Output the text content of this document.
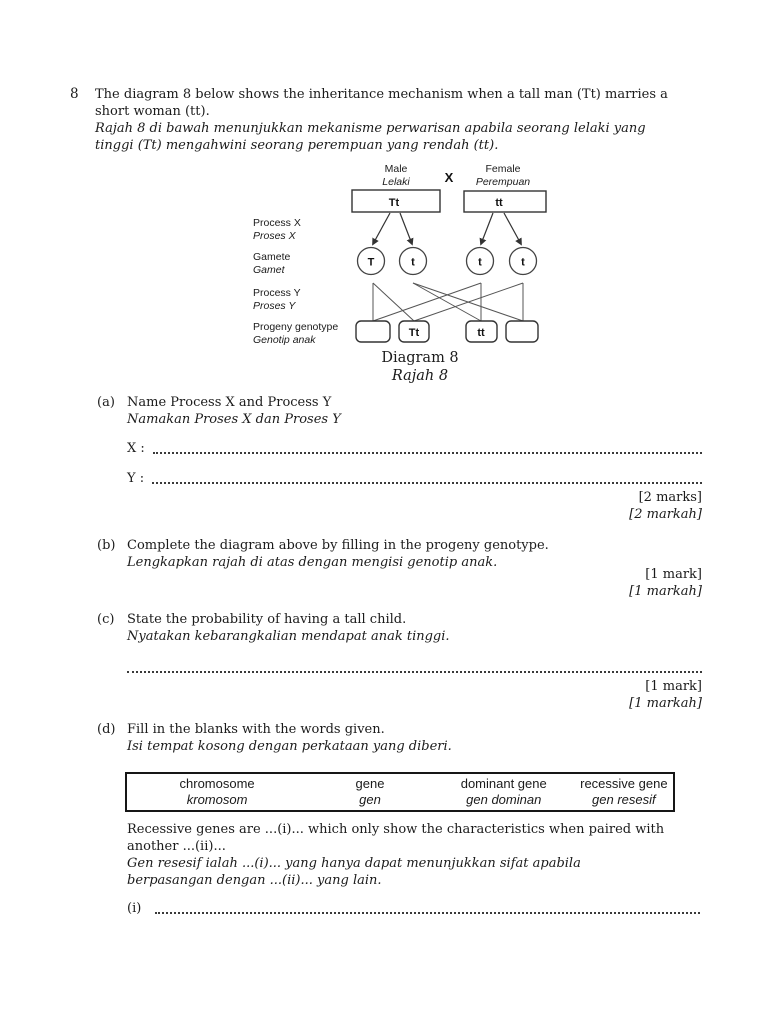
8 The diagram 8 below shows the inheritance mechanism when a tall man (Tt) marries a
short woman (tt).
Rajah 8 di bawah menunjukkan mekanisme perwarisan apabila seorang lelaki yang
tinggi (Tt) mengahwini seorang perempuan yang rendah (tt).
Male
Lelaki	X
Female
Perempuan
Tt	tt
Process X
Proses X
Gamete
Gamet
Process Y
Proses Y
Progeny genotype
Genotip anak
T	t	t	t
Tt	tt
Diagram 8
Rajah 8
(a) Name Process X and Process Y
Namakan Proses X dan Proses Y
X :
Y :
[2 marks]
[2 markah]
(b) Complete the diagram above by filling in the progeny genotype.
Lengkapkan rajah di atas dengan mengisi genotip anak.
[1 mark]
[1 markah]
(c) State the probability of having a tall child.
Nyatakan kebarangkalian mendapat anak tinggi.
[1 mark]
[1 markah]
(d) Fill in the blanks with the words given.
Isi tempat kosong dengan perkataan yang diberi.
chromosome
kromosom
gene
gen
dominant gene
gen dominan
recessive gene
gen resesif
Recessive genes are ...(i)... which only show the characteristics when paired with
another ...(ii)...
Gen resesif ialah ...(i)... yang hanya dapat menunjukkan sifat apabila
berpasangan dengan ...(ii)... yang lain.
(i)
